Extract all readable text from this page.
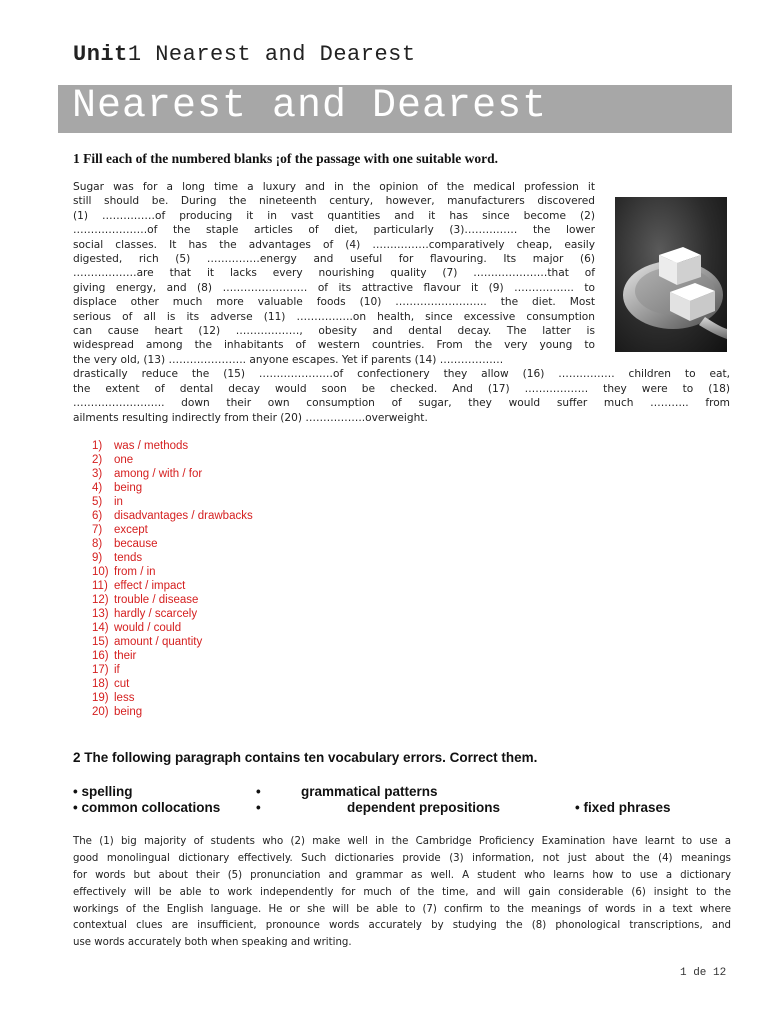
Unit1 Nearest and Dearest
Nearest and Dearest
1 Fill each of the numbered blanks ¡of the passage with one suitable word.
Sugar was for a long time a luxury and in the opinion of the medical profession it
still should be. During the nineteenth century, however, manufacturers discovered
(1) ……………of producing it in vast quantities and it has since become (2)
…………………of the staple articles of diet, particularly (3)…………… the lower
social classes. It has the advantages of (4) …………….comparatively cheap, easily
digested, rich (5) ……………energy and useful for flavouring. Its major (6)
………………are that it lacks every nourishing quality (7) …………………that of
giving energy, and (8) …………………… of its attractive flavour it (9) …………….. to
displace other much more valuable foods (10) …………………….. the diet. Most
serious of all is its adverse (11) …………….on health, since excessive consumption
can cause heart (12) ………………, obesity and dental decay. The latter is
widespread among the inhabitants of western countries. From the very young to
the very old, (13) …………………. anyone escapes. Yet if parents (14) ………………
drastically reduce the (15) …………………of confectionery they allow (16) ……………. children to eat,
the extent of dental decay would soon be checked. And (17) ……………… they were to (18)
…………………….. down their own consumption of sugar, they would suffer much ……….. from
ailments resulting indirectly from their (20) ……………..overweight.
1) was / methods
2) one
3) among / with / for
4) being
5) in
6) disadvantages / drawbacks
7) except
8) because
9) tends
10) from / in
11) effect / impact
12) trouble / disease
13) hardly / scarcely
14) would / could
15) amount / quantity
16) their
17) if
18) cut
19) less
20) being
2 The following paragraph contains ten vocabulary errors. Correct them.
• spelling	•	grammatical patterns
• common collocations	•	dependent prepositions	• fixed phrases
The (1) big majority of students who (2) make well in the Cambridge Proficiency Examination have learnt to use a
good monolingual dictionary effectively. Such dictionaries provide (3) information, not just about the (4) meanings
for words but about their (5) pronunciation and grammar as well. A student who learns how to use a dictionary
effectively will be able to work independently for much of the time, and will gain considerable (6) insight to the
workings of the English language. He or she will be able to (7) confirm to the meanings of words in a text where
contextual clues are insufficient, pronounce words accurately by studying the (8) phonological transcriptions, and
use words accurately both when speaking and writing.
1 de 12
